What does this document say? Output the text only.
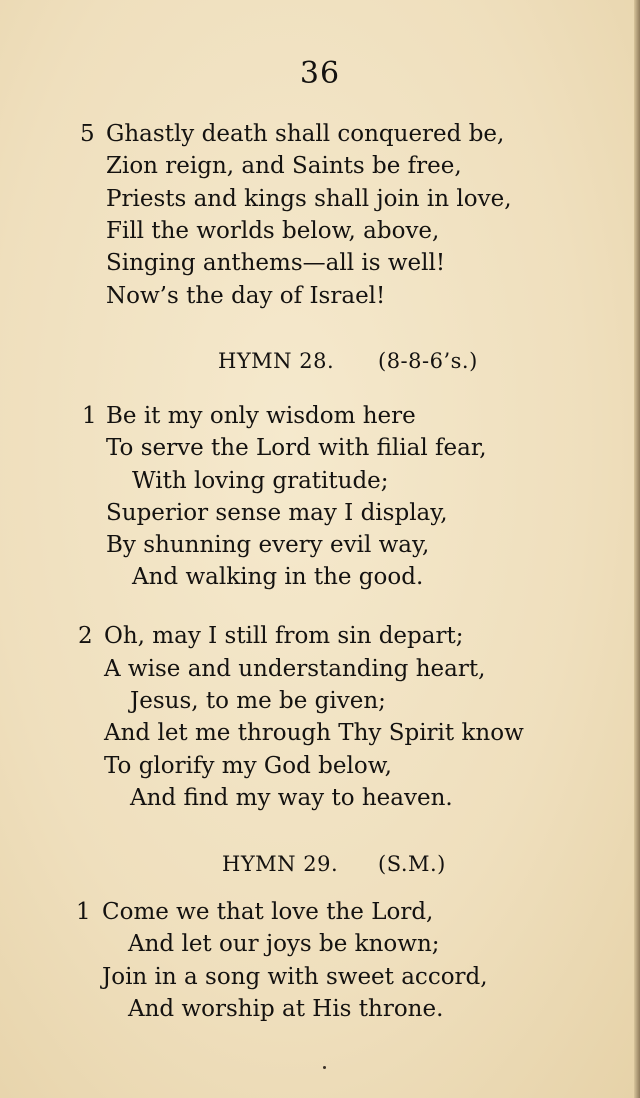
36
5 Ghastly death shall conquered be,
Zion reign, and Saints be free,
Priests and kings shall join in love,
Fill the worlds below, above,
Singing anthems—all is well!
Now’s the day of Israel!
HYMN 28. (8-8-6’s.)
1 Be it my only wisdom here
To serve the Lord with filial fear,
With loving gratitude;
Superior sense may I display,
By shunning every evil way,
And walking in the good.
2 Oh, may I still from sin depart;
A wise and understanding heart,
Jesus, to me be given;
And let me through Thy Spirit know
To glorify my God below,
And find my way to heaven.
HYMN 29. (S.M.)
1 Come we that love the Lord,
And let our joys be known;
Join in a song with sweet accord,
And worship at His throne.
